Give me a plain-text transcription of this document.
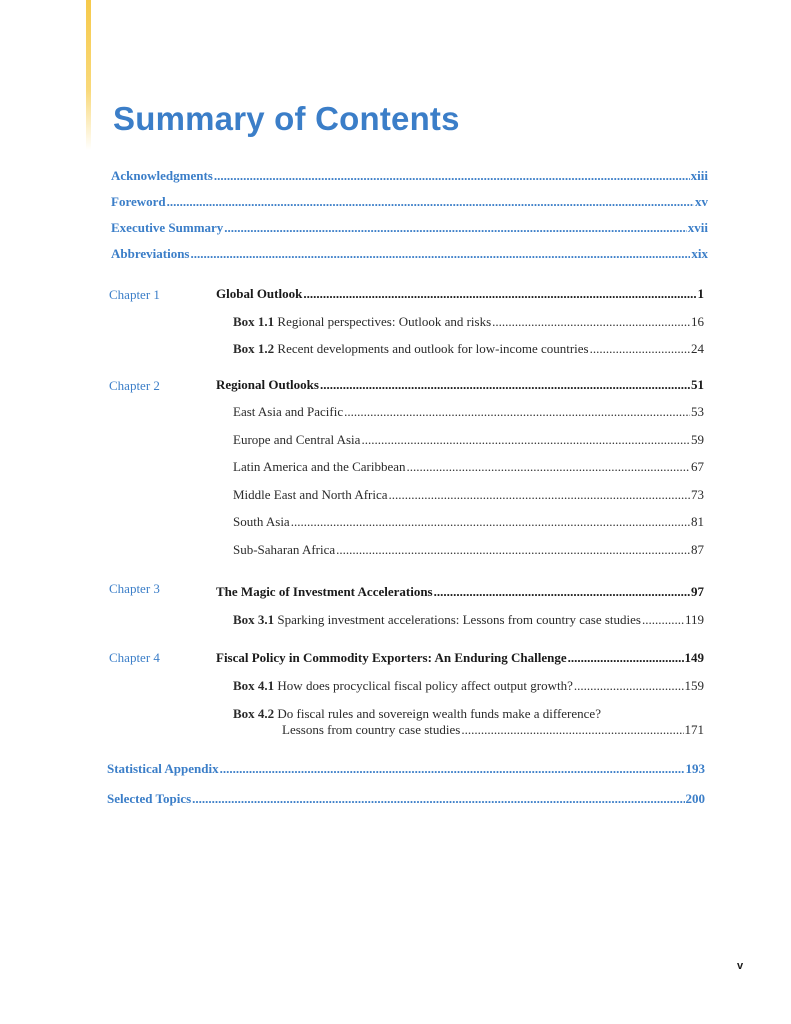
Summary of Contents
Acknowledgments .....	xiii
Foreword .....	xv
Executive Summary .....	xvii
Abbreviations .....	xix
Chapter 1	Global Outlook .....	1
Box 1.1 Regional perspectives: Outlook and risks .....	16
Box 1.2 Recent developments and outlook for low-income countries .....	24
Chapter 2	Regional Outlooks .....	51
East Asia and Pacific .....	53
Europe and Central Asia .....	59
Latin America and the Caribbean .....	67
Middle East and North Africa .....	73
South Asia .....	81
Sub-Saharan Africa .....	87
Chapter 3	The Magic of Investment Accelerations .....	97
Box 3.1 Sparking investment accelerations: Lessons from country case studies .....	119
Chapter 4	Fiscal Policy in Commodity Exporters: An Enduring Challenge .....	149
Box 4.1 How does procyclical fiscal policy affect output growth? .....	159
Box 4.2 Do fiscal rules and sovereign wealth funds make a difference?
Lessons from country case studies .....	171
Statistical Appendix .....	193
Selected Topics .....	200
v
